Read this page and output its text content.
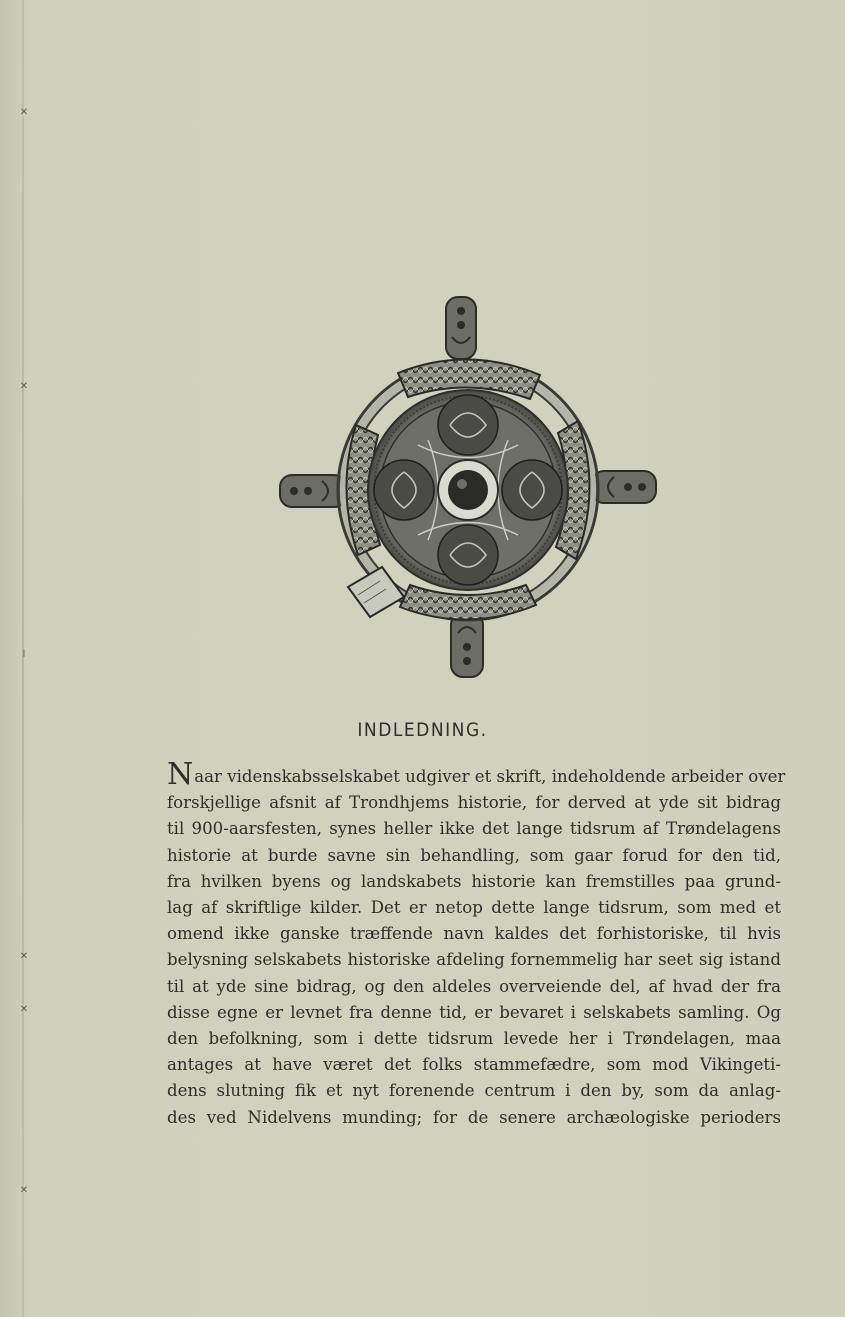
✕
✕
ǀ
✕
✕
✕
INDLEDNING.
Naar videnskabsselskabet udgiver et skrift, indeholdende arbeider over
forskjellige afsnit af Trondhjems historie, for derved at yde sit bidrag
til 900-aarsfesten, synes heller ikke det lange tidsrum af Trøndelagens
historie at burde savne sin behandling, som gaar forud for den tid,
fra hvilken byens og landskabets historie kan fremstilles paa grund-
lag af skriftlige kilder. Det er netop dette lange tidsrum, som med et
omend ikke ganske træffende navn kaldes det forhistoriske, til hvis
belysning selskabets historiske afdeling fornemmelig har seet sig istand
til at yde sine bidrag, og den aldeles overveiende del, af hvad der fra
disse egne er levnet fra denne tid, er bevaret i selskabets samling. Og
den befolkning, som i dette tidsrum levede her i Trøndelagen, maa
antages at have været det folks stammefædre, som mod Vikingeti-
dens slutning fik et nyt forenende centrum i den by, som da anlag-
des ved Nidelvens munding; for de senere archæologiske perioders
